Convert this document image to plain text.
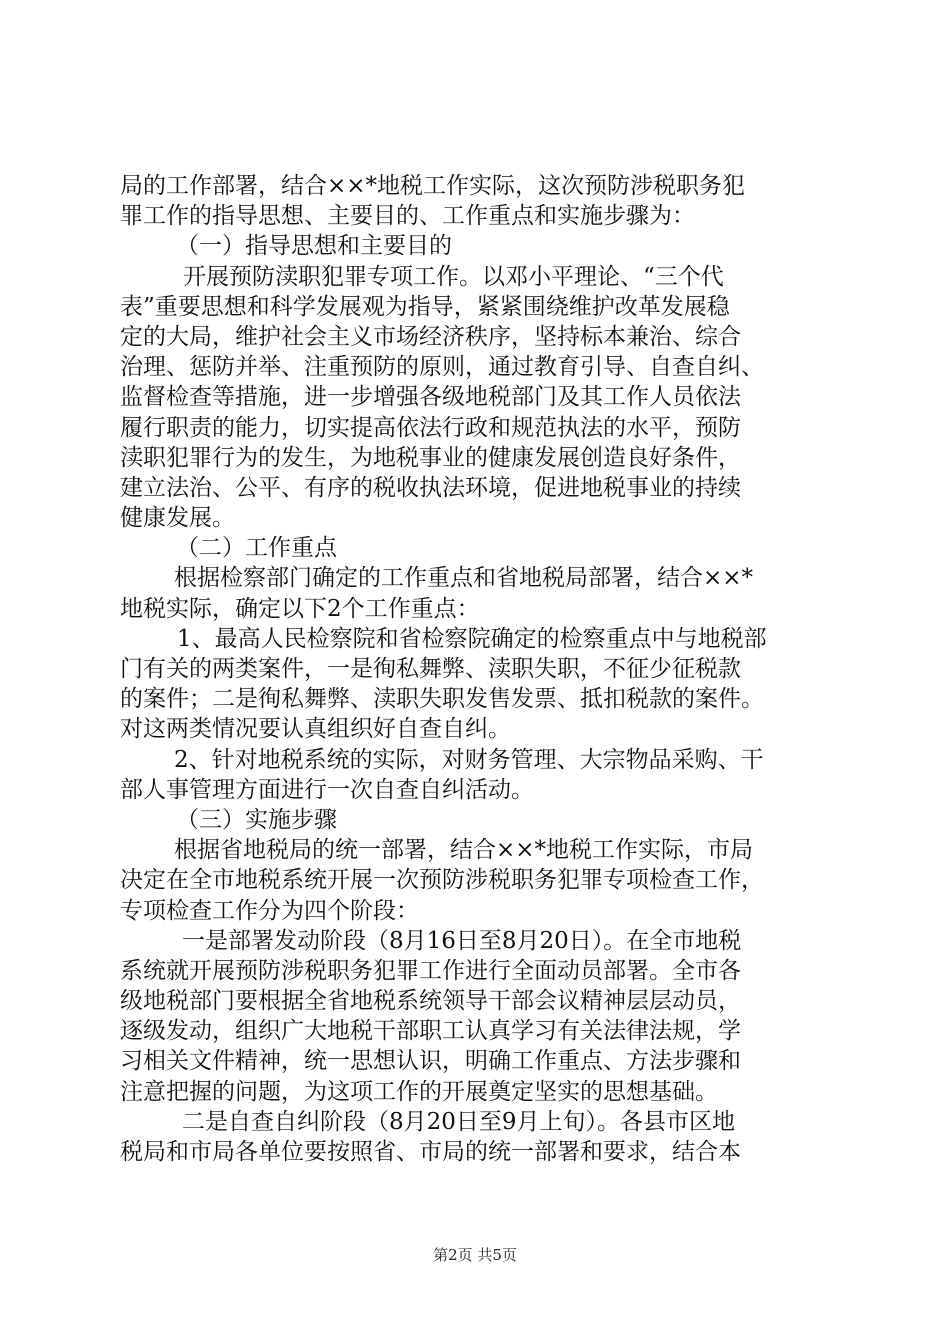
局的工作部署，结合××*地税工作实际，这次预防涉税职务犯
罪工作的指导思想、主要目的、工作重点和实施步骤为：
（一）指导思想和主要目的
开展预防渎职犯罪专项工作。以邓小平理论、“三个代
表”重要思想和科学发展观为指导，紧紧围绕维护改革发展稳
定的大局，维护社会主义市场经济秩序，坚持标本兼治、综合
治理、惩防并举、注重预防的原则，通过教育引导、自查自纠、
监督检查等措施，进一步增强各级地税部门及其工作人员依法
履行职责的能力，切实提高依法行政和规范执法的水平，预防
渎职犯罪行为的发生，为地税事业的健康发展创造良好条件，
建立法治、公平、有序的税收执法环境，促进地税事业的持续
健康发展。
（二）工作重点
根据检察部门确定的工作重点和省地税局部署，结合××*
地税实际，确定以下2个工作重点：
1、最高人民检察院和省检察院确定的检察重点中与地税部
门有关的两类案件，一是徇私舞弊、渎职失职，不征少征税款
的案件；二是徇私舞弊、渎职失职发售发票、抵扣税款的案件。
对这两类情况要认真组织好自查自纠。
2、针对地税系统的实际，对财务管理、大宗物品采购、干
部人事管理方面进行一次自查自纠活动。
（三）实施步骤
根据省地税局的统一部署，结合××*地税工作实际，市局
决定在全市地税系统开展一次预防涉税职务犯罪专项检查工作，
专项检查工作分为四个阶段：
一是部署发动阶段（8月16日至8月20日）。在全市地税
系统就开展预防涉税职务犯罪工作进行全面动员部署。全市各
级地税部门要根据全省地税系统领导干部会议精神层层动员，
逐级发动，组织广大地税干部职工认真学习有关法律法规，学
习相关文件精神，统一思想认识，明确工作重点、方法步骤和
注意把握的问题，为这项工作的开展奠定坚实的思想基础。
二是自查自纠阶段（8月20日至9月上旬）。各县市区地
税局和市局各单位要按照省、市局的统一部署和要求，结合本
第2页 共5页
